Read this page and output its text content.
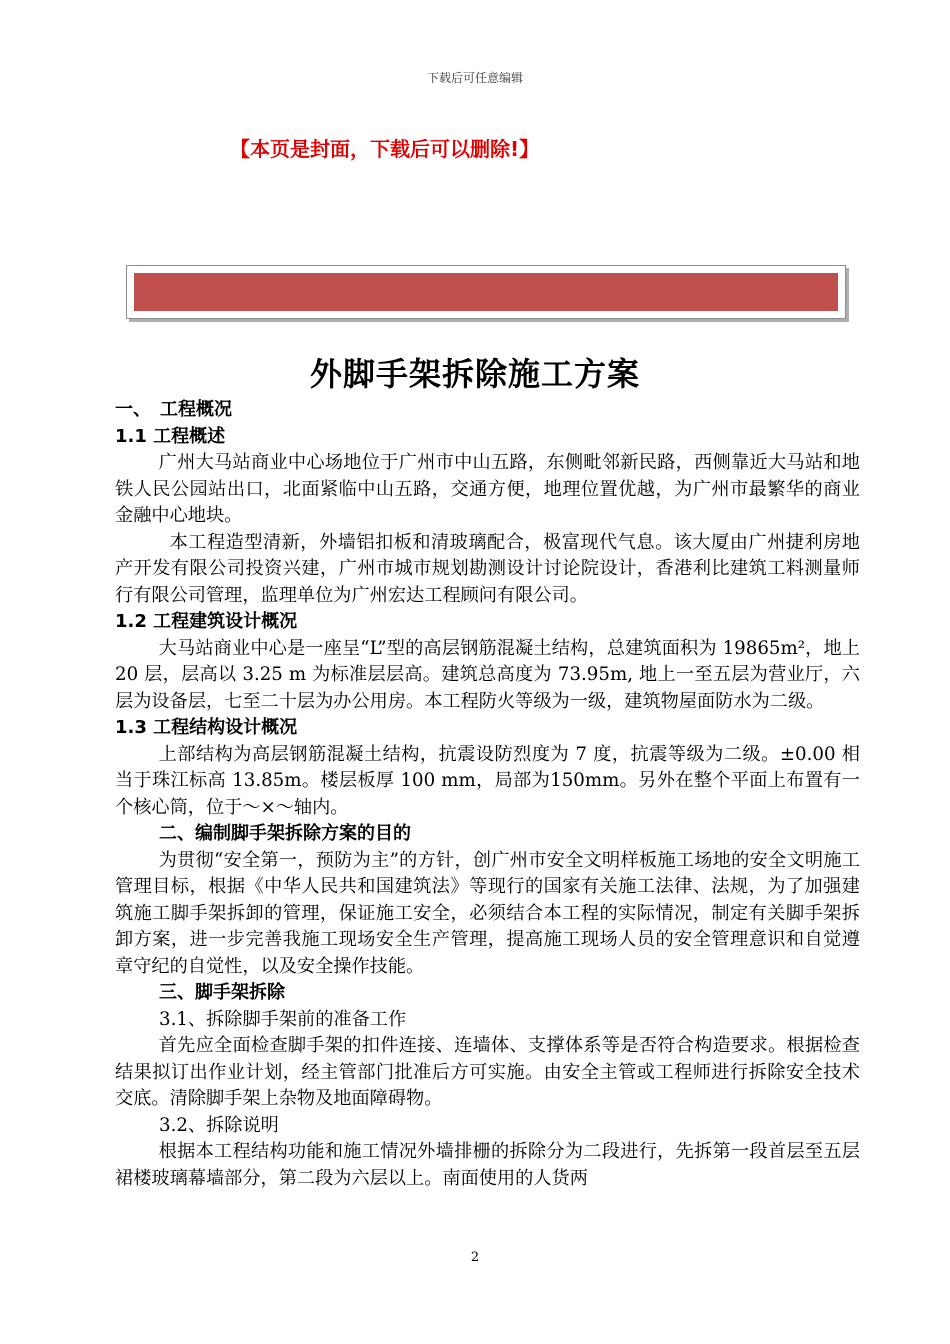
下载后可任意编辑
【本页是封面，下载后可以删除!】
外脚手架拆除施工方案

一、　工程概况

1.1 工程概述

广州大马站商业中心场地位于广州市中山五路，东侧毗邻新民路，西侧靠近大马站和地铁人民公园站出口，北面紧临中山五路，交通方便，地理位置优越，为广州市最繁华的商业金融中心地块。

本工程造型清新，外墙铝扣板和清玻璃配合，极富现代气息。该大厦由广州捷利房地产开发有限公司投资兴建，广州市城市规划勘测设计讨论院设计，香港利比建筑工料测量师行有限公司管理，监理单位为广州宏达工程顾问有限公司。

1.2 工程建筑设计概况

大马站商业中心是一座呈“L”型的高层钢筋混凝土结构，总建筑面积为 19865m²，地上 20 层，层高以 3.25 m 为标准层层高。建筑总高度为 73.95m, 地上一至五层为营业厅，六层为设备层，七至二十层为办公用房。本工程防火等级为一级，建筑物屋面防水为二级。

1.3 工程结构设计概况

上部结构为高层钢筋混凝土结构，抗震设防烈度为 7 度，抗震等级为二级。±0.00 相当于珠江标高 13.85m。楼层板厚 100 mm，局部为150mm。另外在整个平面上布置有一个核心筒，位于～×～轴内。

二、编制脚手架拆除方案的目的

为贯彻“安全第一，预防为主”的方针，创广州市安全文明样板施工场地的安全文明施工管理目标，根据《中华人民共和国建筑法》等现行的国家有关施工法律、法规，为了加强建筑施工脚手架拆卸的管理，保证施工安全，必须结合本工程的实际情况，制定有关脚手架拆卸方案，进一步完善我施工现场安全生产管理，提高施工现场人员的安全管理意识和自觉遵章守纪的自觉性，以及安全操作技能。

三、脚手架拆除

3.1、拆除脚手架前的准备工作

首先应全面检查脚手架的扣件连接、连墙体、支撑体系等是否符合构造要求。根据检查结果拟订出作业计划，经主管部门批准后方可实施。由安全主管或工程师进行拆除安全技术交底。清除脚手架上杂物及地面障碍物。

3.2、拆除说明

根据本工程结构功能和施工情况外墙排栅的拆除分为二段进行，先拆第一段首层至五层裙楼玻璃幕墙部分，第二段为六层以上。南面使用的人货两

2
